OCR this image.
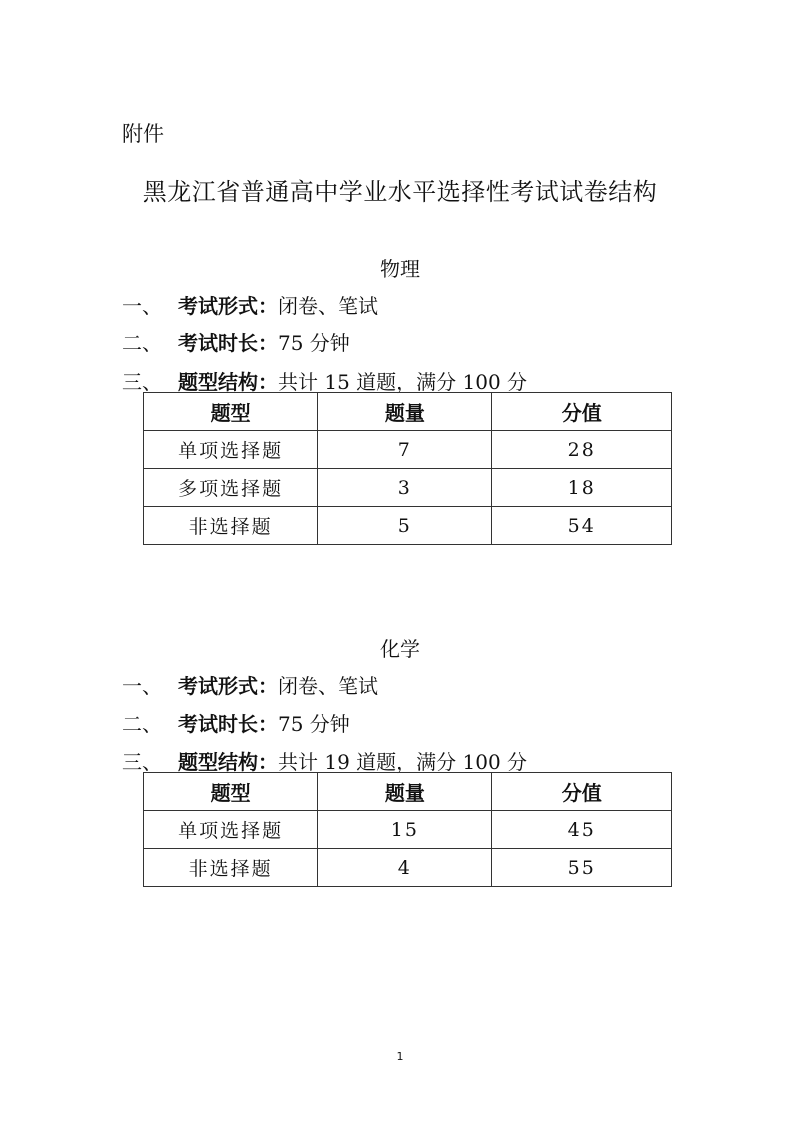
附件
黑龙江省普通高中学业水平选择性考试试卷结构
物理
一、 考试形式：闭卷、笔试
二、 考试时长：75 分钟
三、 题型结构：共计 15 道题，满分 100 分
题型	题量	分值
单项选择题	7	28
多项选择题	3	18
非选择题	5	54
化学
一、 考试形式：闭卷、笔试
二、 考试时长：75 分钟
三、 题型结构：共计 19 道题，满分 100 分
题型	题量	分值
单项选择题	15	45
非选择题	4	55
1
